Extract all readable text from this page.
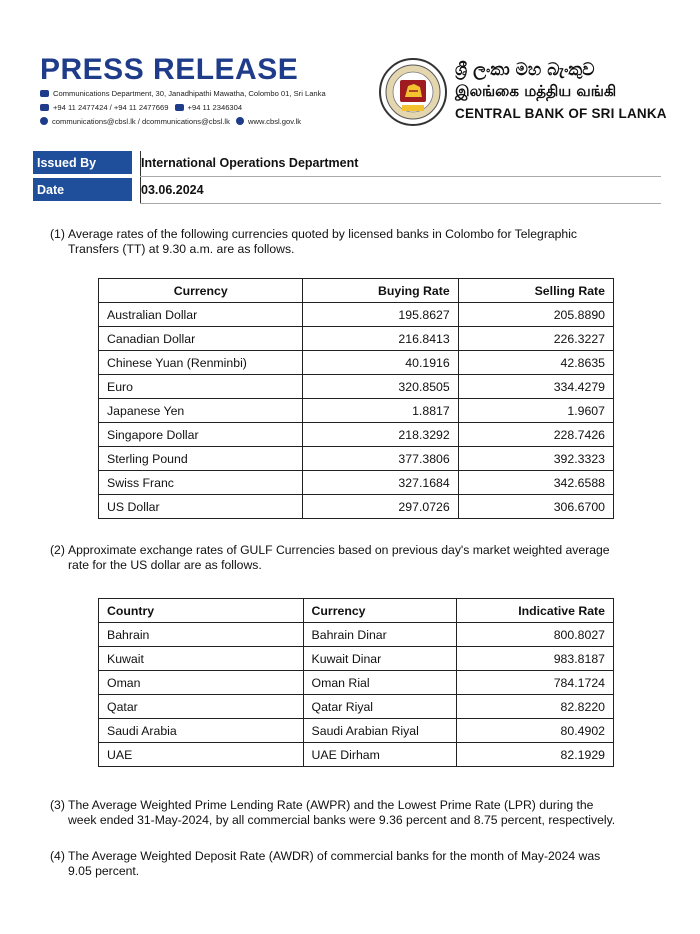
PRESS RELEASE
Communications Department, 30, Janadhipathi Mawatha, Colombo 01, Sri Lanka
+94 11 2477424 / +94 11 2477669	+94 11 2346304
communications@cbsl.lk / dcommunications@cbsl.lk www.cbsl.gov.lk
ශ්‍රී ලංකා මහ බැංකුව
இலங்கை மத்திய வங்கி
CENTRAL BANK OF SRI LANKA
Issued By		International Operations Department
Date		03.06.2024
(1) Average rates of the following currencies quoted by licensed banks in Colombo for Telegraphic
Transfers (TT) at 9.30 a.m. are as follows.
Currency	Buying Rate	Selling Rate
Australian Dollar	195.8627	205.8890
Canadian Dollar	216.8413	226.3227
Chinese Yuan (Renminbi)	40.1916	42.8635
Euro	320.8505	334.4279
Japanese Yen	1.8817	1.9607
Singapore Dollar	218.3292	228.7426
Sterling Pound	377.3806	392.3323
Swiss Franc	327.1684	342.6588
US Dollar	297.0726	306.6700
(2) Approximate exchange rates of GULF Currencies based on previous day's market weighted average
rate for the US dollar are as follows.
Country	Currency	Indicative Rate
Bahrain	Bahrain Dinar	800.8027
Kuwait	Kuwait Dinar	983.8187
Oman	Oman Rial	784.1724
Qatar	Qatar Riyal	82.8220
Saudi Arabia	Saudi Arabian Riyal	80.4902
UAE	UAE Dirham	82.1929
(3) The Average Weighted Prime Lending Rate (AWPR) and the Lowest Prime Rate (LPR) during the
week ended 31-May-2024, by all commercial banks were 9.36 percent and 8.75 percent, respectively.
(4) The Average Weighted Deposit Rate (AWDR) of commercial banks for the month of May-2024 was
9.05 percent.
